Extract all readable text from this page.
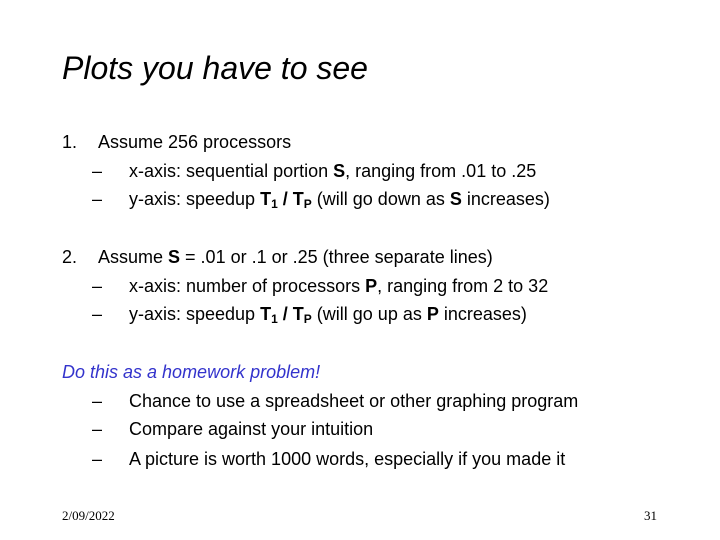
Plots you have to see
1. Assume 256 processors
– x-axis: sequential portion S, ranging from .01 to .25
– y-axis: speedup $T_1 / T_P$ (will go down as S increases)
2. Assume S = .01 or .1 or .25 (three separate lines)
– x-axis: number of processors P, ranging from 2 to 32
– y-axis: speedup $T_1 / T_P$ (will go up as P increases)
Do this as a homework problem!
– Chance to use a spreadsheet or other graphing program
– Compare against your intuition
– A picture is worth 1000 words, especially if you made it
2/09/2022	31
